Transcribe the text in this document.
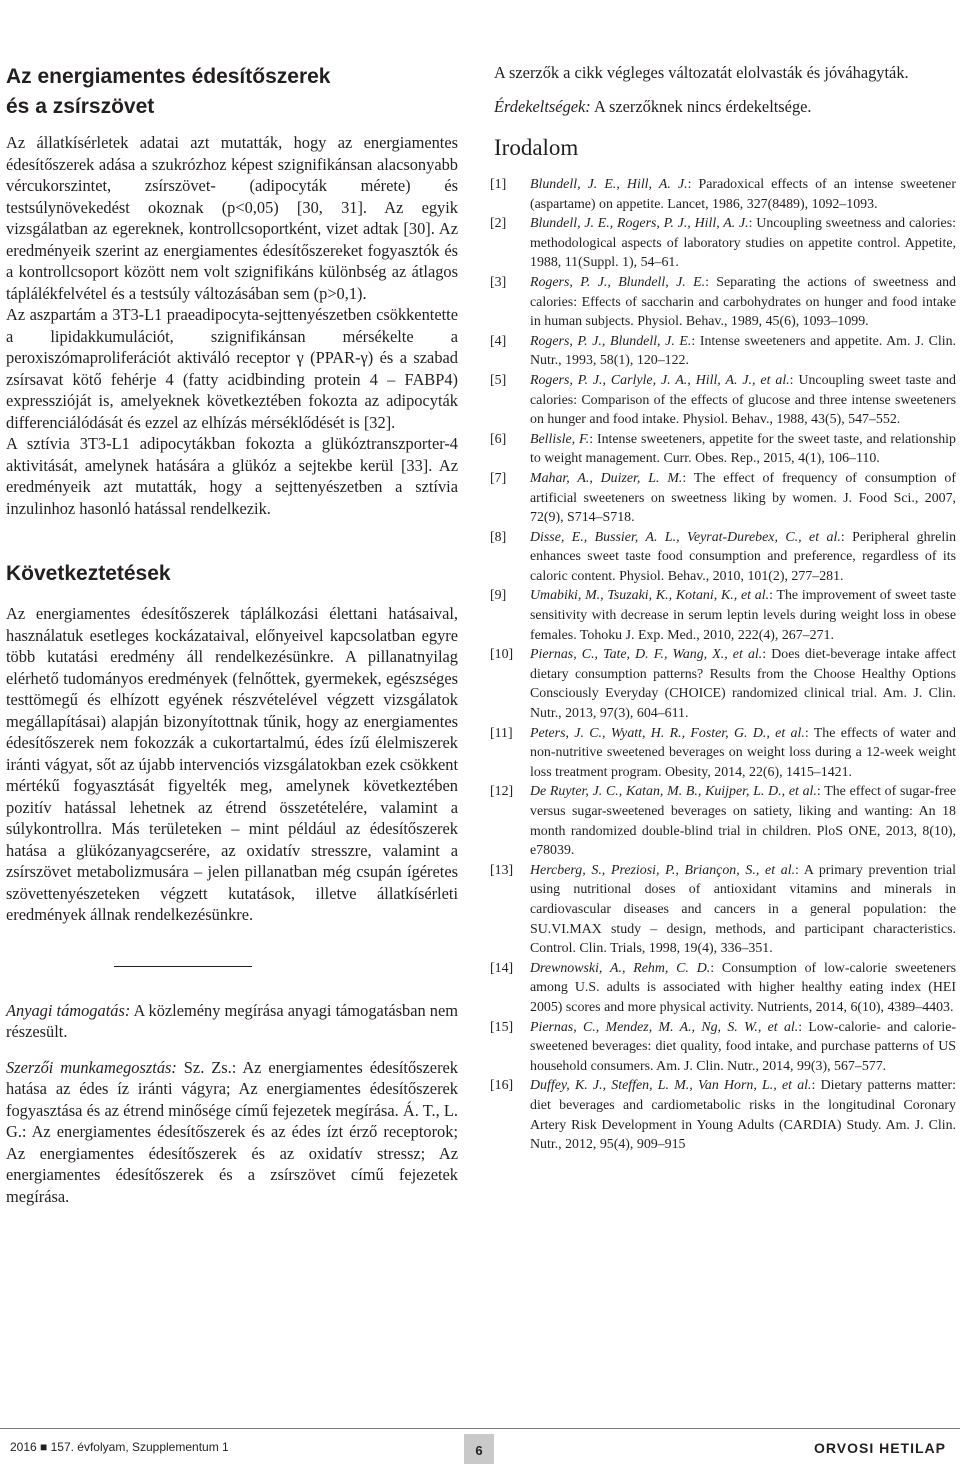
Az energiamentes édesítőszerek
és a zsírszövet

Az állatkísérletek adatai azt mutatták, hogy az energiamentes édesítőszerek adása a szukrózhoz képest szignifikánsan alacsonyabb vércukorszintet, zsírszövet- (adipocyták mérete) és testsúlynövekedést okoznak (p<0,05) [30, 31]. Az egyik vizsgálatban az egereknek, kontrollcsoportként, vizet adtak [30]. Az eredményeik szerint az energiamentes édesítőszereket fogyasztók és a kontrollcsoport között nem volt szignifikáns különbség az átlagos táplálékfelvétel és a testsúly változásában sem (p>0,1).

Az aszpartám a 3T3-L1 praeadipocyta-sejttenyészetben csökkentette a lipidakkumulációt, szignifikánsan mérsékelte a peroxiszómaproliferációt aktiváló receptor γ (PPAR-γ) és a szabad zsírsavat kötő fehérje 4 (fatty acidbinding protein 4 – FABP4) expresszióját is, amelyeknek következtében fokozta az adipocyták differenciálódását és ezzel az elhízás mérséklődését is [32].

A sztívia 3T3-L1 adipocytákban fokozta a glükóztranszporter-4 aktivitását, amelynek hatására a glükóz a sejtekbe kerül [33]. Az eredményeik azt mutatták, hogy a sejttenyészetben a sztívia inzulinhoz hasonló hatással rendelkezik.

Következtetések

Az energiamentes édesítőszerek táplálkozási élettani hatásaival, használatuk esetleges kockázataival, előnyeivel kapcsolatban egyre több kutatási eredmény áll rendelkezésünkre. A pillanatnyilag elérhető tudományos eredmények (felnőttek, gyermekek, egészséges testtömegű és elhízott egyének részvételével végzett vizsgálatok megállapításai) alapján bizonyítottnak tűnik, hogy az energiamentes édesítőszerek nem fokozzák a cukortartalmú, édes ízű élelmiszerek iránti vágyat, sőt az újabb intervenciós vizsgálatokban ezek csökkent mértékű fogyasztását figyelték meg, amelynek következtében pozitív hatással lehetnek az étrend összetételére, valamint a súlykontrollra. Más területeken – mint például az édesítőszerek hatása a glükózanyagcserére, az oxidatív stresszre, valamint a zsírszövet metabolizmusára – jelen pillanatban még csupán ígéretes szövettenyészeteken végzett kutatások, illetve állatkísérleti eredmények állnak rendelkezésünkre.

Anyagi támogatás: A közlemény megírása anyagi támogatásban nem részesült.

Szerzői munkamegosztás: Sz. Zs.: Az energiamentes édesítőszerek hatása az édes íz iránti vágyra; Az energiamentes édesítőszerek fogyasztása és az étrend minősége című fejezetek megírása. Á. T., L. G.: Az energiamentes édesítőszerek és az édes ízt érző receptorok; Az energiamentes édesítőszerek és az oxidatív stressz; Az energiamentes édesítőszerek és a zsírszövet című fejezetek megírása.

A szerzők a cikk végleges változatát elolvasták és jóváhagyták.

Érdekeltségek: A szerzőknek nincs érdekeltsége.

Irodalom
[1] Blundell, J. E., Hill, A. J.: Paradoxical effects of an intense sweetener (aspartame) on appetite. Lancet, 1986, 327(8489), 1092–1093.
[2] Blundell, J. E., Rogers, P. J., Hill, A. J.: Uncoupling sweetness and calories: methodological aspects of laboratory studies on appetite control. Appetite, 1988, 11(Suppl. 1), 54–61.
[3] Rogers, P. J., Blundell, J. E.: Separating the actions of sweetness and calories: Effects of saccharin and carbohydrates on hunger and food intake in human subjects. Physiol. Behav., 1989, 45(6), 1093–1099.
[4] Rogers, P. J., Blundell, J. E.: Intense sweeteners and appetite. Am. J. Clin. Nutr., 1993, 58(1), 120–122.
[5] Rogers, P. J., Carlyle, J. A., Hill, A. J., et al.: Uncoupling sweet taste and calories: Comparison of the effects of glucose and three intense sweeteners on hunger and food intake. Physiol. Behav., 1988, 43(5), 547–552.
[6] Bellisle, F.: Intense sweeteners, appetite for the sweet taste, and relationship to weight management. Curr. Obes. Rep., 2015, 4(1), 106–110.
[7] Mahar, A., Duizer, L. M.: The effect of frequency of consumption of artificial sweeteners on sweetness liking by women. J. Food Sci., 2007, 72(9), S714–S718.
[8] Disse, E., Bussier, A. L., Veyrat-Durebex, C., et al.: Peripheral ghrelin enhances sweet taste food consumption and preference, regardless of its caloric content. Physiol. Behav., 2010, 101(2), 277–281.
[9] Umabiki, M., Tsuzaki, K., Kotani, K., et al.: The improvement of sweet taste sensitivity with decrease in serum leptin levels during weight loss in obese females. Tohoku J. Exp. Med., 2010, 222(4), 267–271.
[10] Piernas, C., Tate, D. F., Wang, X., et al.: Does diet-beverage intake affect dietary consumption patterns? Results from the Choose Healthy Options Consciously Everyday (CHOICE) randomized clinical trial. Am. J. Clin. Nutr., 2013, 97(3), 604–611.
[11] Peters, J. C., Wyatt, H. R., Foster, G. D., et al.: The effects of water and non-nutritive sweetened beverages on weight loss during a 12-week weight loss treatment program. Obesity, 2014, 22(6), 1415–1421.
[12] De Ruyter, J. C., Katan, M. B., Kuijper, L. D., et al.: The effect of sugar-free versus sugar-sweetened beverages on satiety, liking and wanting: An 18 month randomized double-blind trial in children. PloS ONE, 2013, 8(10), e78039.
[13] Hercberg, S., Preziosi, P., Briançon, S., et al.: A primary prevention trial using nutritional doses of antioxidant vitamins and minerals in cardiovascular diseases and cancers in a general population: the SU.VI.MAX study – design, methods, and participant characteristics. Control. Clin. Trials, 1998, 19(4), 336–351.
[14] Drewnowski, A., Rehm, C. D.: Consumption of low-calorie sweeteners among U.S. adults is associated with higher healthy eating index (HEI 2005) scores and more physical activity. Nutrients, 2014, 6(10), 4389–4403.
[15] Piernas, C., Mendez, M. A., Ng, S. W., et al.: Low-calorie- and calorie-sweetened beverages: diet quality, food intake, and purchase patterns of US household consumers. Am. J. Clin. Nutr., 2014, 99(3), 567–577.
[16] Duffey, K. J., Steffen, L. M., Van Horn, L., et al.: Dietary patterns matter: diet beverages and cardiometabolic risks in the longitudinal Coronary Artery Risk Development in Young Adults (CARDIA) Study. Am. J. Clin. Nutr., 2012, 95(4), 909–915
2016 ■ 157. évfolyam, Szupplementum 1	6	ORVOSI HETILAP
